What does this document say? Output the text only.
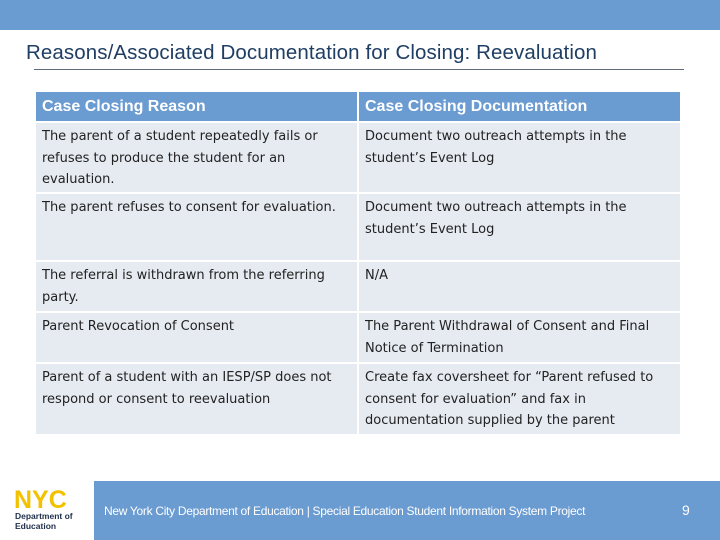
Reasons/Associated Documentation for Closing: Reevaluation
Case Closing Reason	Case Closing Documentation
The parent of a student repeatedly fails or refuses to produce the student for an evaluation.	Document two outreach attempts in the student’s Event Log
The parent refuses to consent for evaluation.	Document two outreach attempts in the student’s Event Log
The referral is withdrawn from the referring party.	N/A
Parent Revocation of Consent	The Parent Withdrawal of Consent and Final Notice of Termination
Parent of a student with an IESP/SP does not respond or consent to reevaluation	Create fax coversheet for “Parent refused to consent for evaluation” and fax in documentation supplied by the parent
NYC
Department of
Education
New York City Department of Education | Special Education Student Information System Project	9
